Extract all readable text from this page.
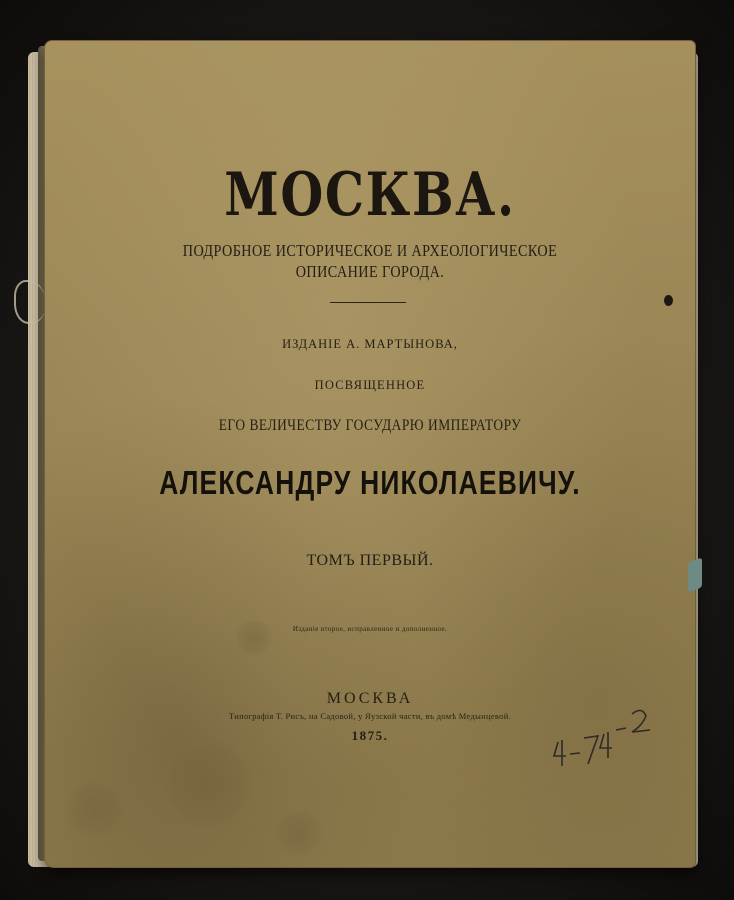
МОСКВА.
ПОДРОБНОЕ ИСТОРИЧЕСКОЕ И АРХЕОЛОГИЧЕСКОЕ
ОПИСАНИЕ ГОРОДА.
ИЗДАНІЕ А. МАРТЫНОВА,
ПОСВЯЩЕННОЕ
ЕГО ВЕЛИЧЕСТВУ ГОСУДАРЮ ИМПЕРАТОРУ
АЛЕКСАНДРУ НИКОЛАЕВИЧУ.
ТОМЪ ПЕРВЫЙ.
Изданіе второе, исправленное и дополненное.
МОСКВА
Типографія Т. Рисъ, на Садовой, у Яузской части, въ домѣ Медынцевой.
1875.
